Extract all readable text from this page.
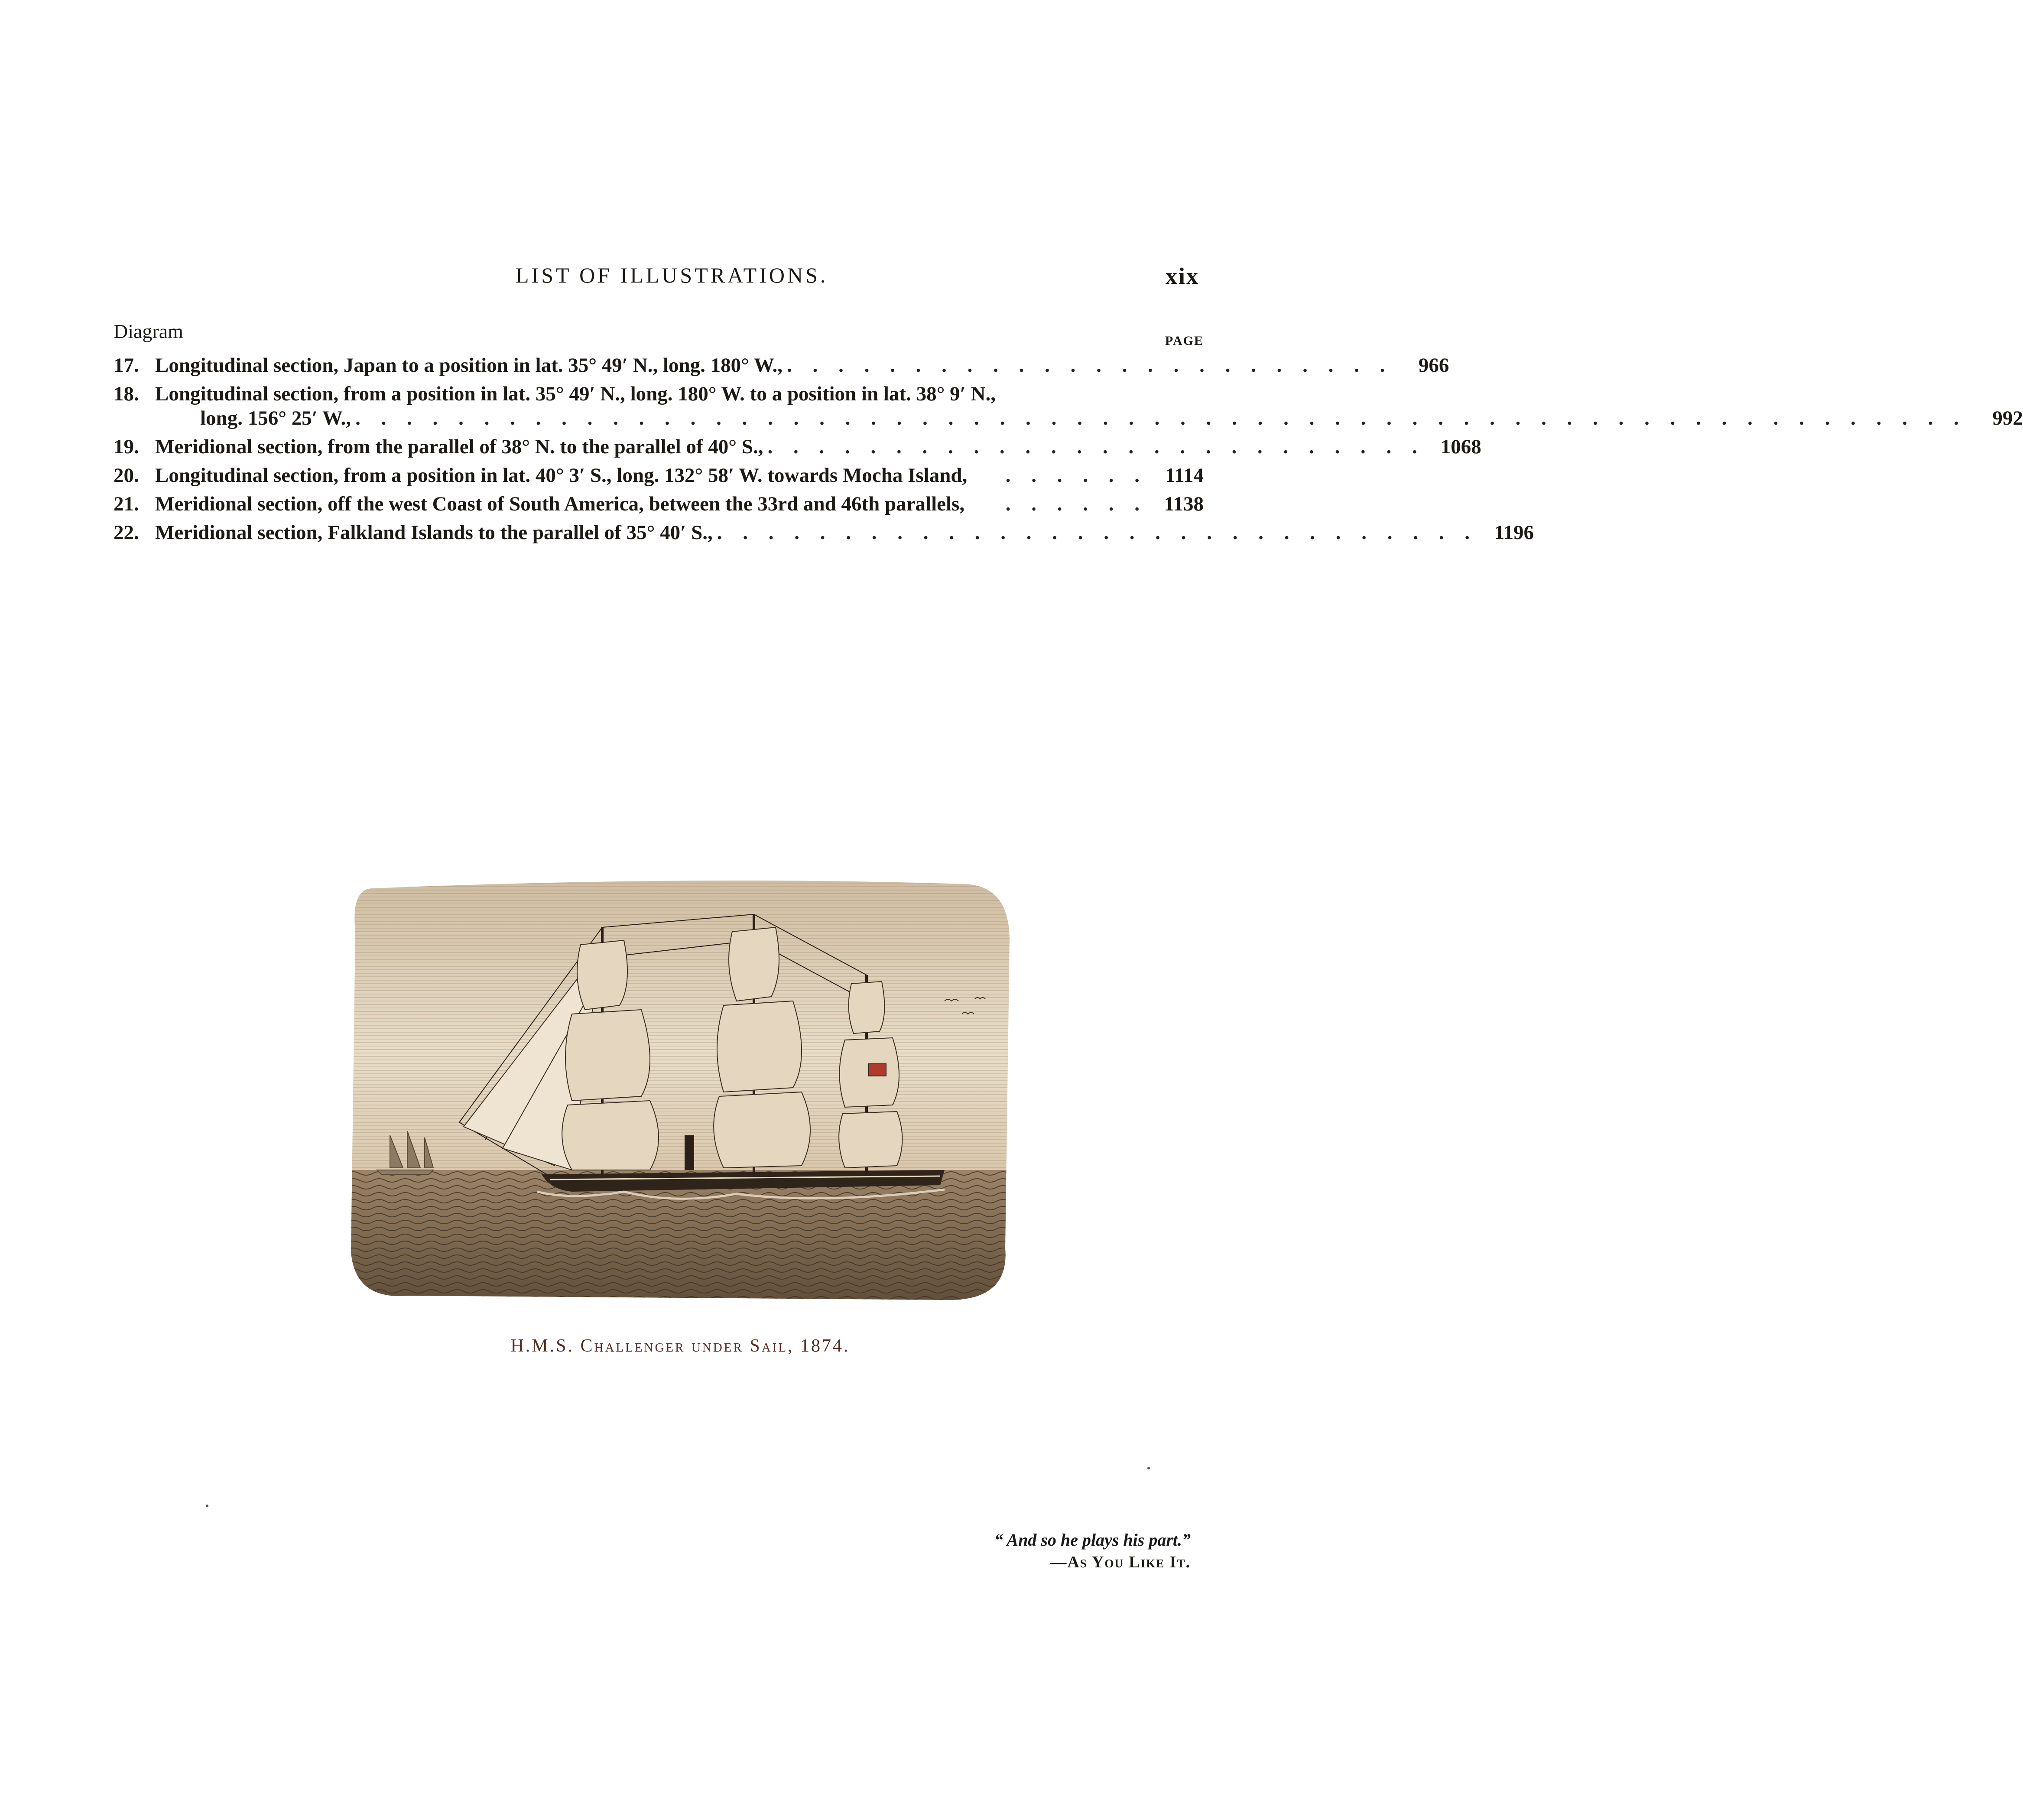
LIST OF ILLUSTRATIONS.	xix
Diagram	PAGE
17. Longitudinal section, Japan to a position in lat. 35° 49′ N., long. 180° W., . . . . . . . . . . . . . . . . . . . . . . . .	966
18. Longitudinal section, from a position in lat. 35° 49′ N., long. 180° W. to a position in lat. 38° 9′ N.,
long. 156° 25′ W., . . . . . . . . . . . . . . . . . . . . . . . . . . . . . . . . . . . . . . . . . . . . . . . . . . . . . . . . . . . . . . .	992
19. Meridional section, from the parallel of 38° N. to the parallel of 40° S., . . . . . . . . . . . . . . . . . . . . . . . . . . 1068
20. Longitudinal section, from a position in lat. 40° 3′ S., long. 132° 58′ W. towards Mocha Island,	. . . . . . 1114
21. Meridional section, off the west Coast of South America, between the 33rd and 46th parallels,	. . . . . . 1138
22. Meridional section, Falkland Islands to the parallel of 35° 40′ S., . . . . . . . . . . . . . . . . . . . . . . . . . . . . . . 1196
H.M.S. Challenger under Sail, 1874.
“ And so he plays his part.”
—As You Like It.
